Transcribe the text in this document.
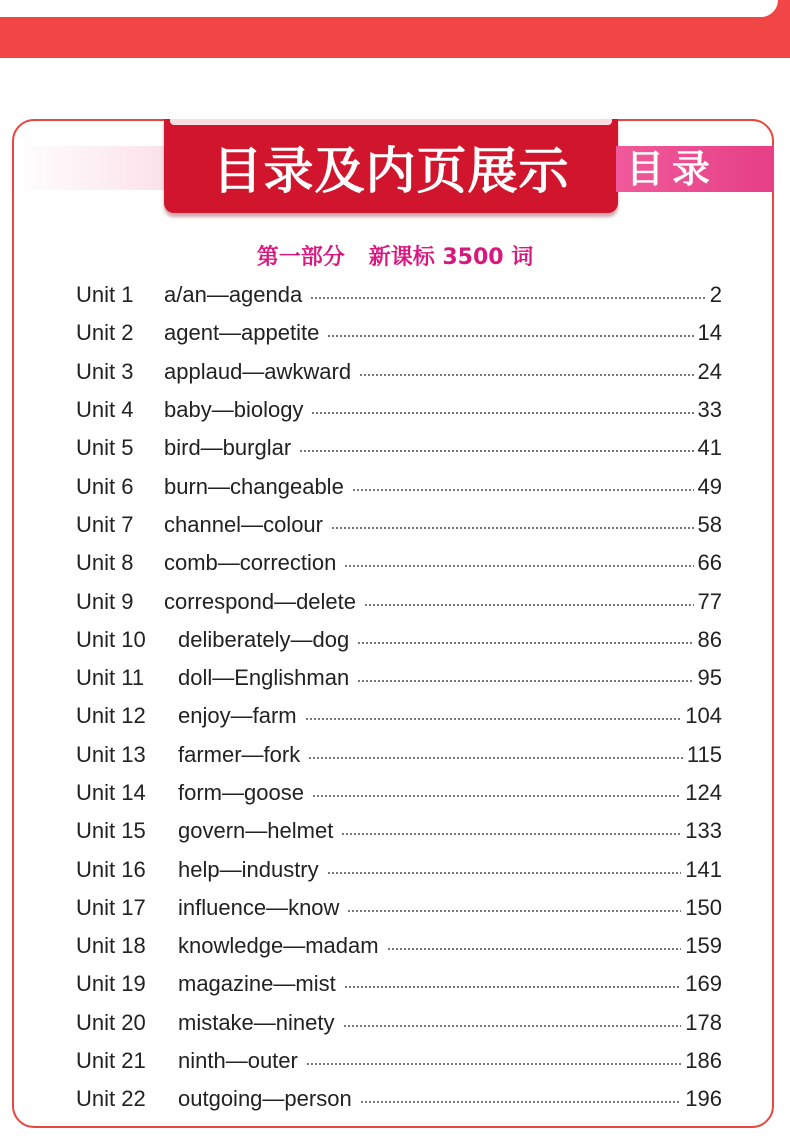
目录及内页展示	目录
第一部分 新课标 3500 词
Unit 1	a/an—agenda	2
Unit 2	agent—appetite	14
Unit 3	applaud—awkward	24
Unit 4	baby—biology	33
Unit 5	bird—burglar	41
Unit 6	burn—changeable	49
Unit 7	channel—colour	58
Unit 8	comb—correction	66
Unit 9	correspond—delete	77
Unit 10	deliberately—dog	86
Unit 11	doll—Englishman	95
Unit 12	enjoy—farm	104
Unit 13	farmer—fork	115
Unit 14	form—goose	124
Unit 15	govern—helmet	133
Unit 16	help—industry	141
Unit 17	influence—know	150
Unit 18	knowledge—madam	159
Unit 19	magazine—mist	169
Unit 20	mistake—ninety	178
Unit 21	ninth—outer	186
Unit 22	outgoing—person	196
